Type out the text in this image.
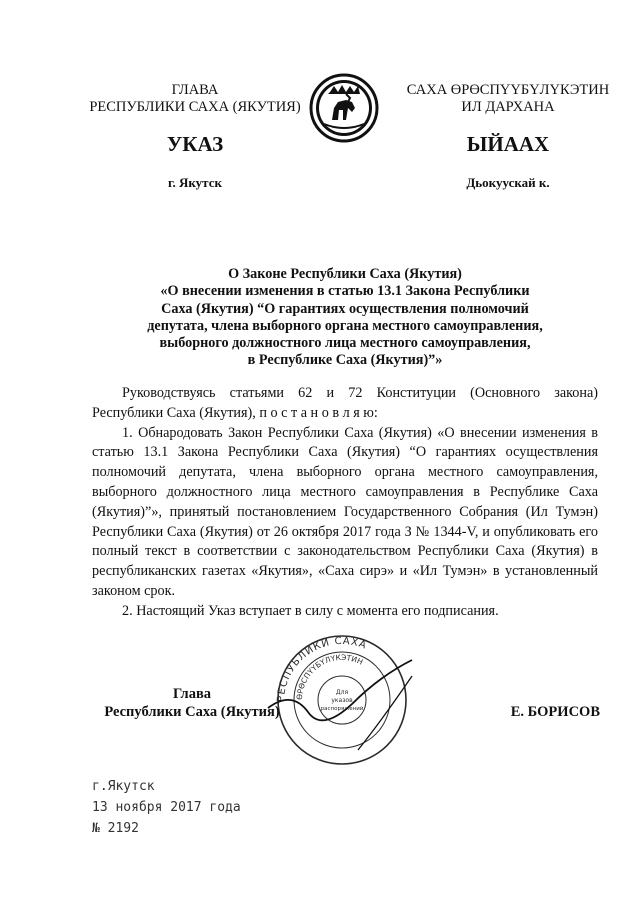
ГЛАВА
РЕСПУБЛИКИ САХА (ЯКУТИЯ)
САХА ӨРӨСПҮҮБҮЛҮКЭТИН
ИЛ ДАРХАНА
УКАЗ	ЫЙААХ
г. Якутск	Дьокуускай к.
О Законе Республики Саха (Якутия)
«О внесении изменения в статью 13.1 Закона Республики
Саха (Якутия) “О гарантиях осуществления полномочий
депутата, члена выборного органа местного самоуправления,
выборного должностного лица местного самоуправления,
в Республике Саха (Якутия)”»

Руководствуясь статьями 62 и 72 Конституции (Основного закона) Республики Саха (Якутия), п о с т а н о в л я ю:

1. Обнародовать Закон Республики Саха (Якутия) «О внесении изменения в статью 13.1 Закона Республики Саха (Якутия) “О гарантиях осуществления полномочий депутата, члена выборного органа местного самоуправления, выборного должностного лица местного самоуправления в Республике Саха (Якутия)”», принятый постановлением Государственного Собрания (Ил Тумэн) Республики Саха (Якутия) от 26 октября 2017 года З № 1344-V, и опубликовать его полный текст в соответствии с законодательством Республики Саха (Якутия) в республиканских газетах «Якутия», «Саха сирэ» и «Ил Тумэн» в установленный законом срок.

2. Настоящий Указ вступает в силу с момента его подписания.

РЕСПУБЛИКИ САХА
ӨРӨСПҮҮБҮЛҮКЭТИН
Для
указов
распоряжений
Глава
Республики Саха (Якутия)	Е. БОРИСОВ
г.Якутск
13 ноября 2017 года
№ 2192
